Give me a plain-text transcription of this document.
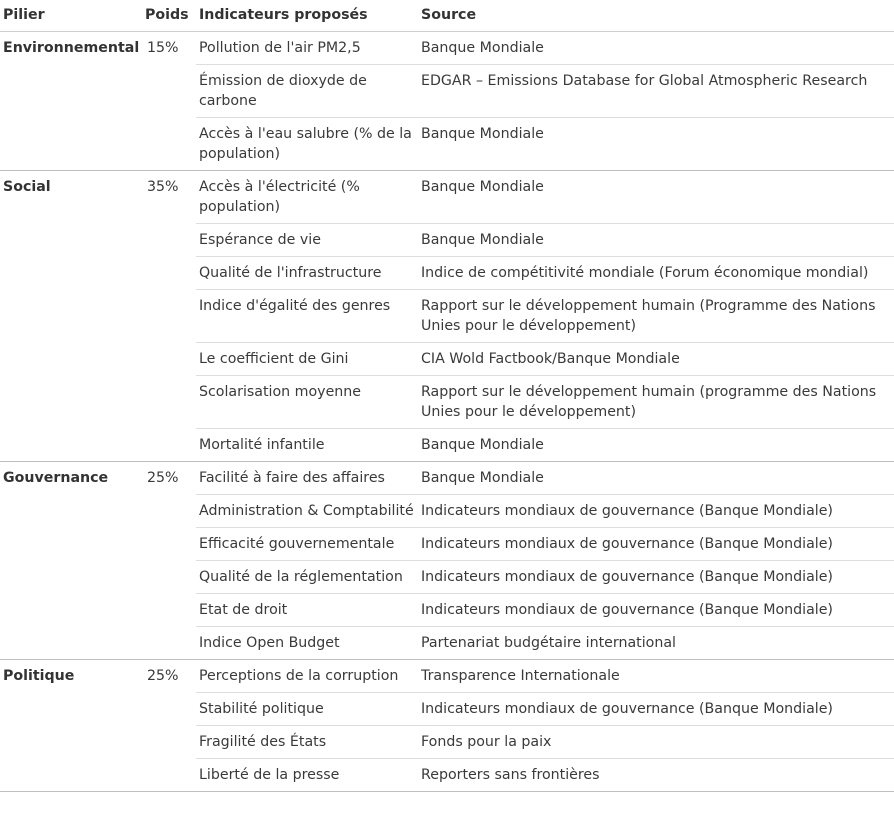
Pilier	Poids	Indicateurs proposés	Source
Environnemental	15%	Pollution de l'air PM2,5	Banque Mondiale
		Émission de dioxyde de carbone	EDGAR – Emissions Database for Global Atmospheric Research
		Accès à l'eau salubre (% de la population)	Banque Mondiale
Social	35%	Accès à l'électricité (% population)	Banque Mondiale
		Espérance de vie	Banque Mondiale
		Qualité de l'infrastructure	Indice de compétitivité mondiale (Forum économique mondial)
		Indice d'égalité des genres	Rapport sur le développement humain (Programme des Nations Unies pour le développement)
		Le coefficient de Gini	CIA Wold Factbook/Banque Mondiale
		Scolarisation moyenne	Rapport sur le développement humain (programme des Nations Unies pour le développement)
		Mortalité infantile	Banque Mondiale
Gouvernance	25%	Facilité à faire des affaires	Banque Mondiale
		Administration & Comptabilité	Indicateurs mondiaux de gouvernance (Banque Mondiale)
		Efficacité gouvernementale	Indicateurs mondiaux de gouvernance (Banque Mondiale)
		Qualité de la réglementation	Indicateurs mondiaux de gouvernance (Banque Mondiale)
		Etat de droit	Indicateurs mondiaux de gouvernance (Banque Mondiale)
		Indice Open Budget	Partenariat budgétaire international
Politique	25%	Perceptions de la corruption	Transparence Internationale
		Stabilité politique	Indicateurs mondiaux de gouvernance (Banque Mondiale)
		Fragilité des États	Fonds pour la paix
		Liberté de la presse	Reporters sans frontières
